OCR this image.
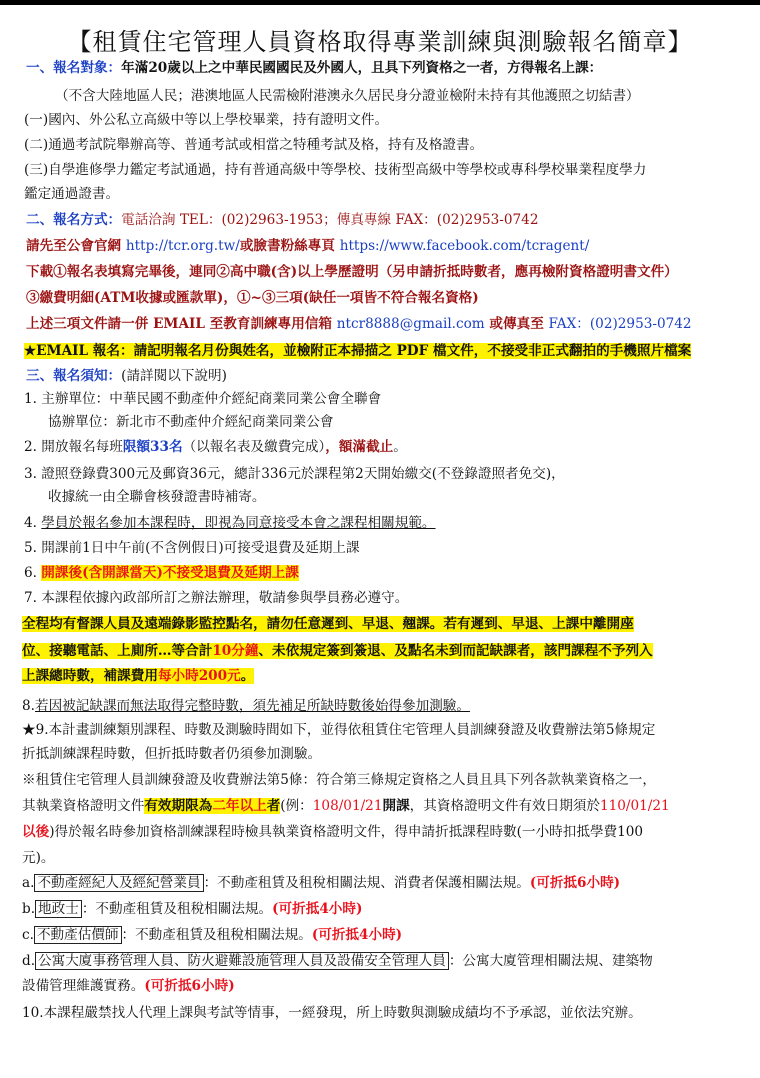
【租賃住宅管理人員資格取得專業訓練與測驗報名簡章】
一、報名對象：年滿20歲以上之中華民國國民及外國人，且具下列資格之一者，方得報名上課：
（不含大陸地區人民；港澳地區人民需檢附港澳永久居民身分證並檢附未持有其他護照之切結書）
(一)國內、外公私立高級中等以上學校畢業，持有證明文件。
(二)通過考試院舉辦高等、普通考試或相當之特種考試及格，持有及格證書。
(三)自學進修學力鑑定考試通過，持有普通高級中等學校、技術型高級中等學校或專科學校畢業程度學力
鑑定通過證書。
二、報名方式：電話洽詢 TEL：(02)2963-1953；傳真專線 FAX：(02)2953-0742
請先至公會官網 http://tcr.org.tw/或臉書粉絲專頁 https://www.facebook.com/tcragent/
下載①報名表填寫完畢後，連同②高中職(含)以上學歷證明（另申請折抵時數者，應再檢附資格證明書文件）
③繳費明細(ATM收據或匯款單)，①~③三項(缺任一項皆不符合報名資格)
上述三項文件請一併 EMAIL 至教育訓練專用信箱 ntcr8888@gmail.com 或傳真至 FAX：(02)2953-0742
★EMAIL 報名：請記明報名月份與姓名，並檢附正本掃描之 PDF 檔文件，不接受非正式翻拍的手機照片檔案
三、報名須知：(請詳閱以下說明)
1. 主辦單位：中華民國不動產仲介經紀商業同業公會全聯會
協辦單位：新北市不動產仲介經紀商業同業公會
2. 開放報名每班限額33名（以報名表及繳費完成），額滿截止。
3. 證照登錄費300元及郵資36元，總計336元於課程第2天開始繳交(不登錄證照者免交)，
收據統一由全聯會核發證書時補寄。
4. 學員於報名參加本課程時，即視為同意接受本會之課程相關規範。
5. 開課前1日中午前(不含例假日)可接受退費及延期上課
6. 開課後(含開課當天)不接受退費及延期上課
7. 本課程依據內政部所訂之辦法辦理，敬請參與學員務必遵守。
全程均有督課人員及遠端錄影監控點名，請勿任意遲到、早退、翹課。若有遲到、早退、上課中離開座
位、接聽電話、上廁所…等合計10分鐘、未依規定簽到簽退、及點名未到而記缺課者，該門課程不予列入
上課總時數，補課費用每小時200元。
8.若因被記缺課而無法取得完整時數，須先補足所缺時數後始得參加測驗。
★9.本計畫訓練類別課程、時數及測驗時間如下，並得依租賃住宅管理人員訓練發證及收費辦法第5條規定
折抵訓練課程時數，但折抵時數者仍須參加測驗。
※租賃住宅管理人員訓練發證及收費辦法第5條：符合第三條規定資格之人員且具下列各款執業資格之一，
其執業資格證明文件有效期限為二年以上者(例：108/01/21開課，其資格證明文件有效日期須於110/01/21
以後)得於報名時參加資格訓練課程時檢具執業資格證明文件，得申請折抵課程時數(一小時扣抵學費100
元)。
a. 不動產經紀人及經紀營業員 ：不動產租賃及租稅相關法規、消費者保護相關法規。(可折抵6小時)
b. 地政士 ：不動產租賃及租稅相關法規。(可折抵4小時)
c. 不動產估價師 ：不動產租賃及租稅相關法規。(可折抵4小時)
d. 公寓大廈事務管理人員、防火避難設施管理人員及設備安全管理人員 ：公寓大廈管理相關法規、建築物
設備管理維護實務。(可折抵6小時)
10.本課程嚴禁找人代理上課與考試等情事，一經發現，所上時數與測驗成績均不予承認，並依法究辦。
